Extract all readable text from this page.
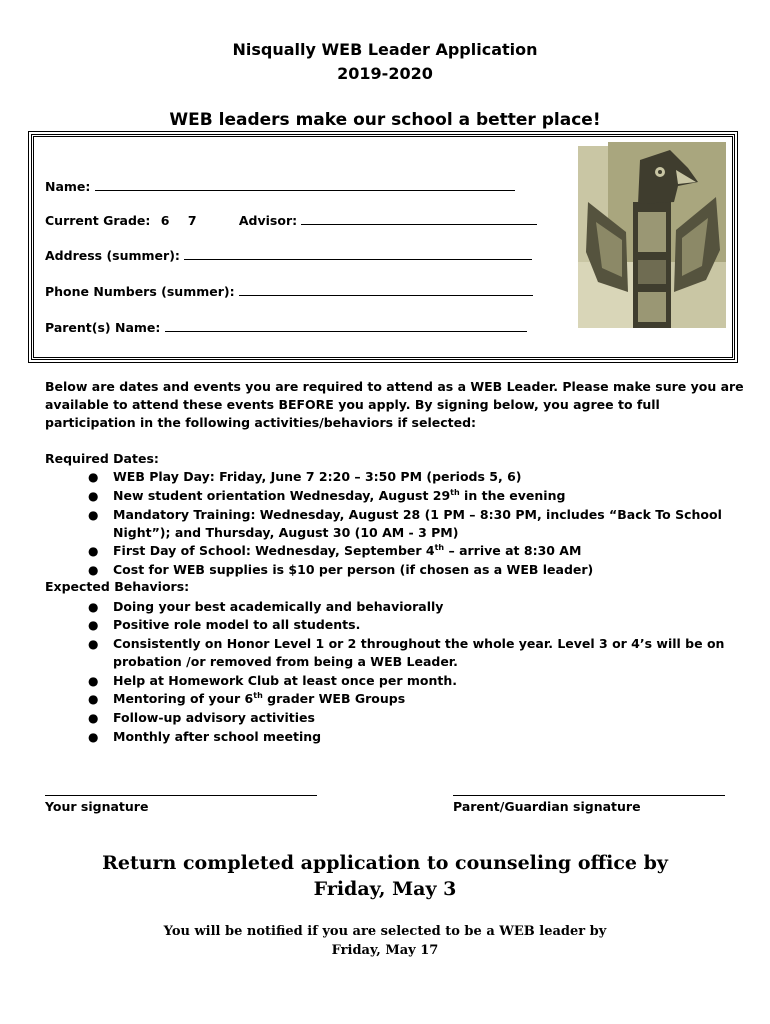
Nisqually WEB Leader Application
2019-2020
WEB leaders make our school a better place!
Name:
Current Grade: 6 7	Advisor:
Address (summer):
Phone Numbers (summer):
Parent(s) Name:
Below are dates and events you are required to attend as a WEB Leader. Please make sure you are
available to attend these events BEFORE you apply. By signing below, you agree to full
participation in the following activities/behaviors if selected:
Required Dates:
● WEB Play Day: Friday, June 7 2:20 – 3:50 PM (periods 5, 6)
● New student orientation Wednesday, August 29th in the evening
● Mandatory Training: Wednesday, August 28 (1 PM – 8:30 PM, includes “Back To School
Night”); and Thursday, August 30 (10 AM - 3 PM)
● First Day of School: Wednesday, September 4th – arrive at 8:30 AM
● Cost for WEB supplies is $10 per person (if chosen as a WEB leader)
Expected Behaviors:
● Doing your best academically and behaviorally
● Positive role model to all students.
● Consistently on Honor Level 1 or 2 throughout the whole year. Level 3 or 4’s will be on
probation /or removed from being a WEB Leader.
● Help at Homework Club at least once per month.
● Mentoring of your 6th grader WEB Groups
● Follow-up advisory activities
● Monthly after school meeting
Your signature	Parent/Guardian signature
Return completed application to counseling office by
Friday, May 3
You will be notified if you are selected to be a WEB leader by
Friday, May 17
